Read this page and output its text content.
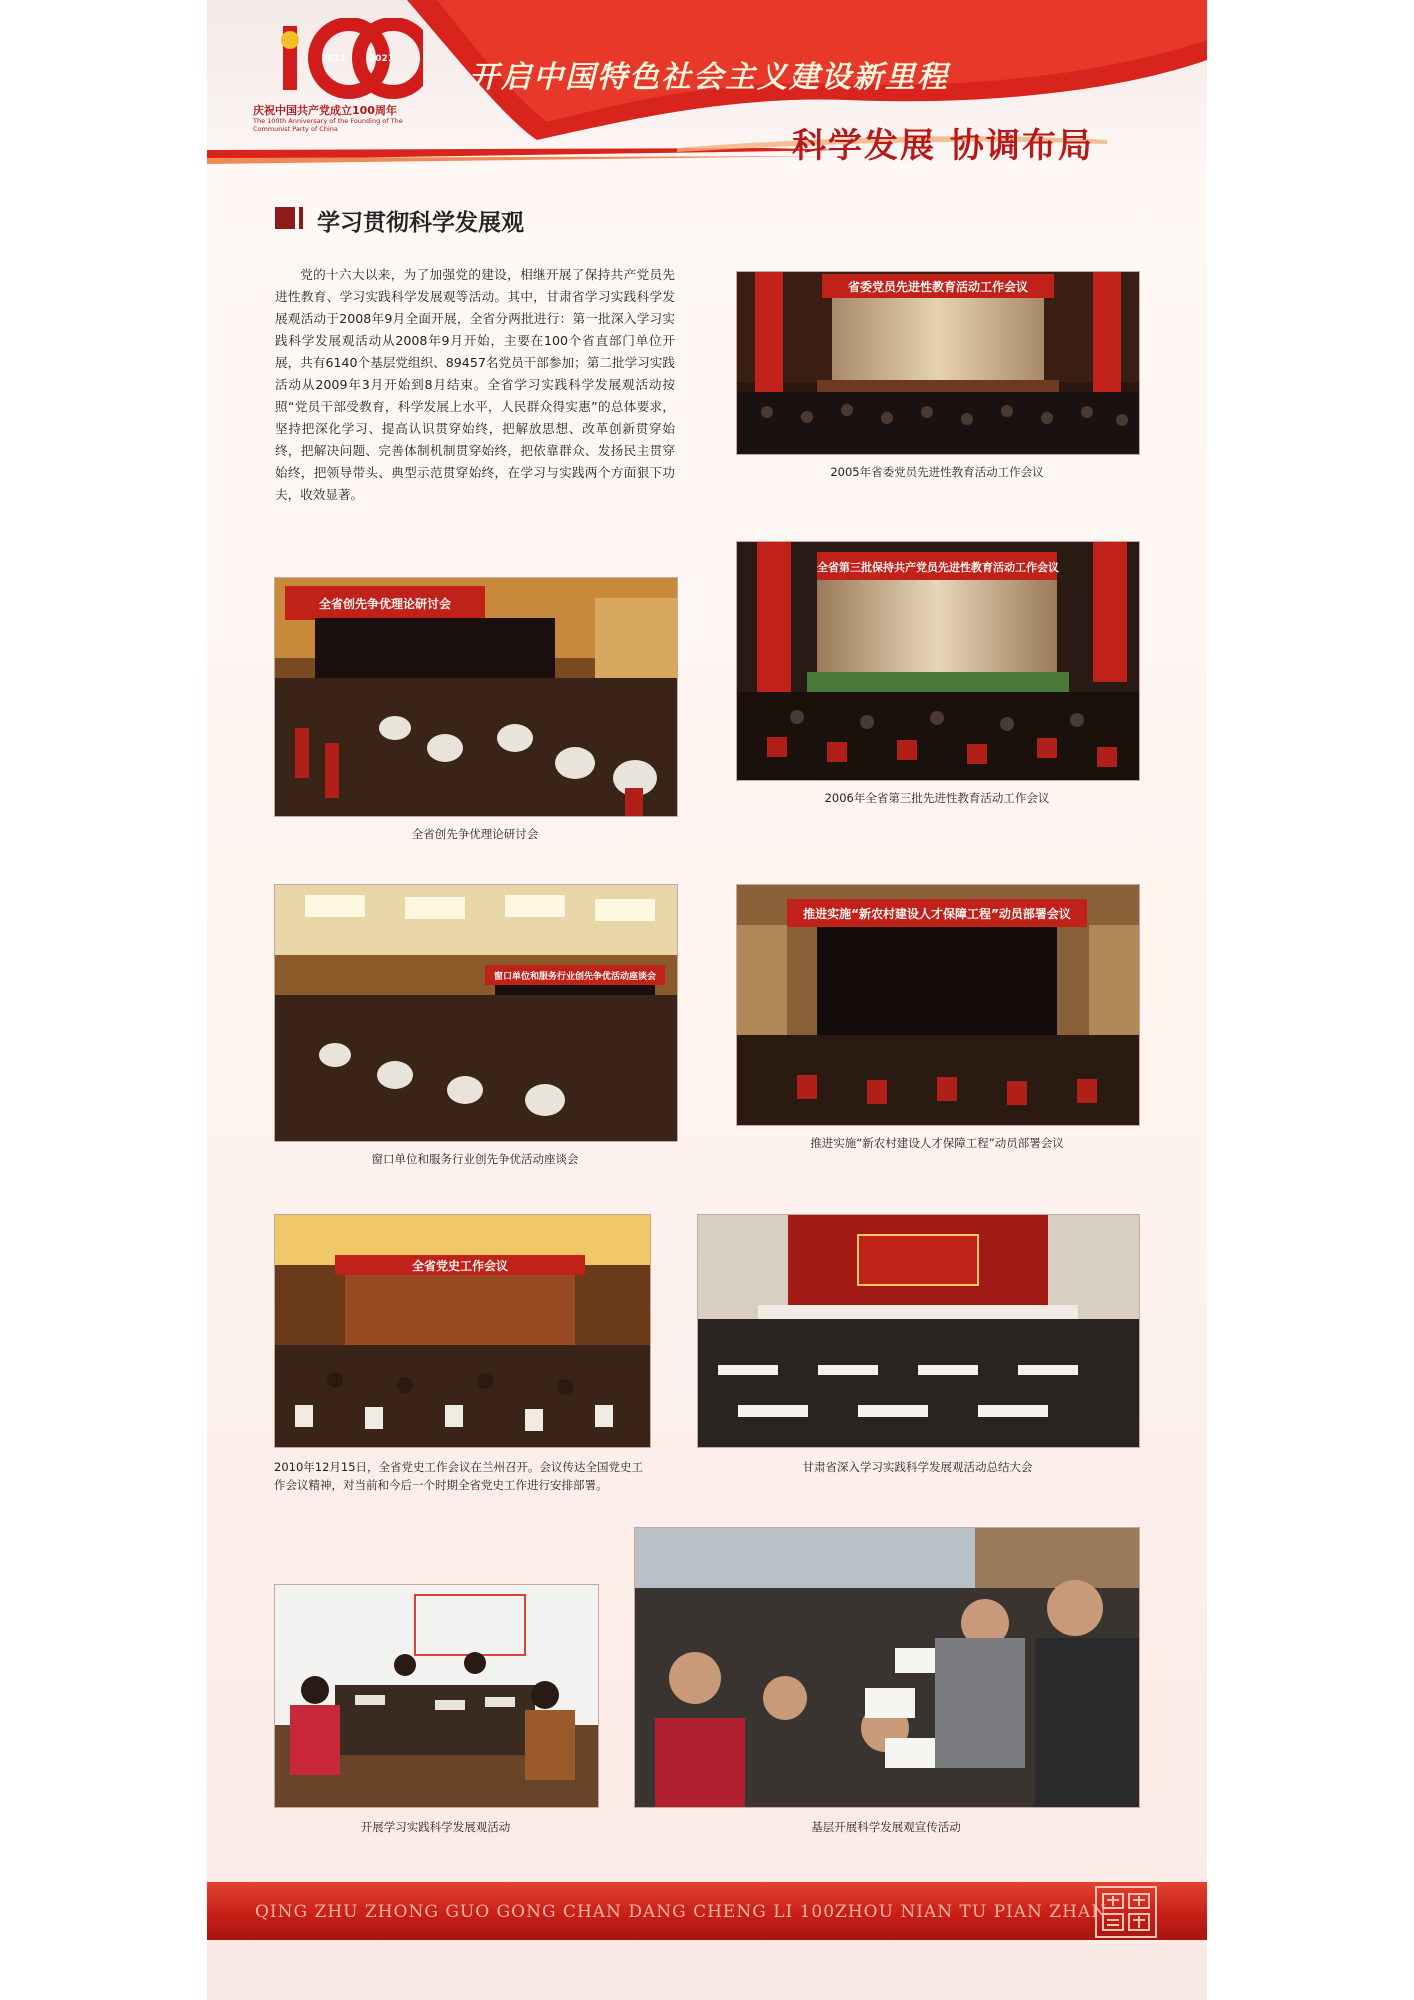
1921	2021
庆祝中国共产党成立100周年
The 100th Anniversary of the Founding of The Communist Party of China
开启中国特色社会主义建设新里程
科学发展 协调布局
学习贯彻科学发展观

党的十六大以来，为了加强党的建设，相继开展了保持共产党员先进性教育、学习实践科学发展观等活动。其中，甘肃省学习实践科学发展观活动于2008年9月全面开展，全省分两批进行：第一批深入学习实践科学发展观活动从2008年9月开始，主要在100个省直部门单位开展，共有6140个基层党组织、89457名党员干部参加；第二批学习实践活动从2009年3月开始到8月结束。全省学习实践科学发展观活动按照“党员干部受教育，科学发展上水平，人民群众得实惠”的总体要求，坚持把深化学习、提高认识贯穿始终，把解放思想、改革创新贯穿始终，把解决问题、完善体制机制贯穿始终，把依靠群众、发扬民主贯穿始终，把领导带头、典型示范贯穿始终，在学习与实践两个方面狠下功夫，收效显著。

省委党员先进性教育活动工作会议
2005年省委党员先进性教育活动工作会议
全省创先争优理论研讨会
全省创先争优理论研讨会
全省第三批保持共产党员先进性教育活动工作会议
2006年全省第三批先进性教育活动工作会议
窗口单位和服务行业创先争优活动座谈会
窗口单位和服务行业创先争优活动座谈会
推进实施“新农村建设人才保障工程”动员部署会议
推进实施“新农村建设人才保障工程”动员部署会议
全省党史工作会议
2010年12月15日，全省党史工作会议在兰州召开。会议传达全国党史工作会议精神，对当前和今后一个时期全省党史工作进行安排部署。
甘肃省深入学习实践科学发展观活动总结大会
开展学习实践科学发展观活动	基层开展科学发展观宣传活动
QING ZHU ZHONG GUO GONG CHAN DANG CHENG LI 100ZHOU NIAN TU PIAN ZHAN
